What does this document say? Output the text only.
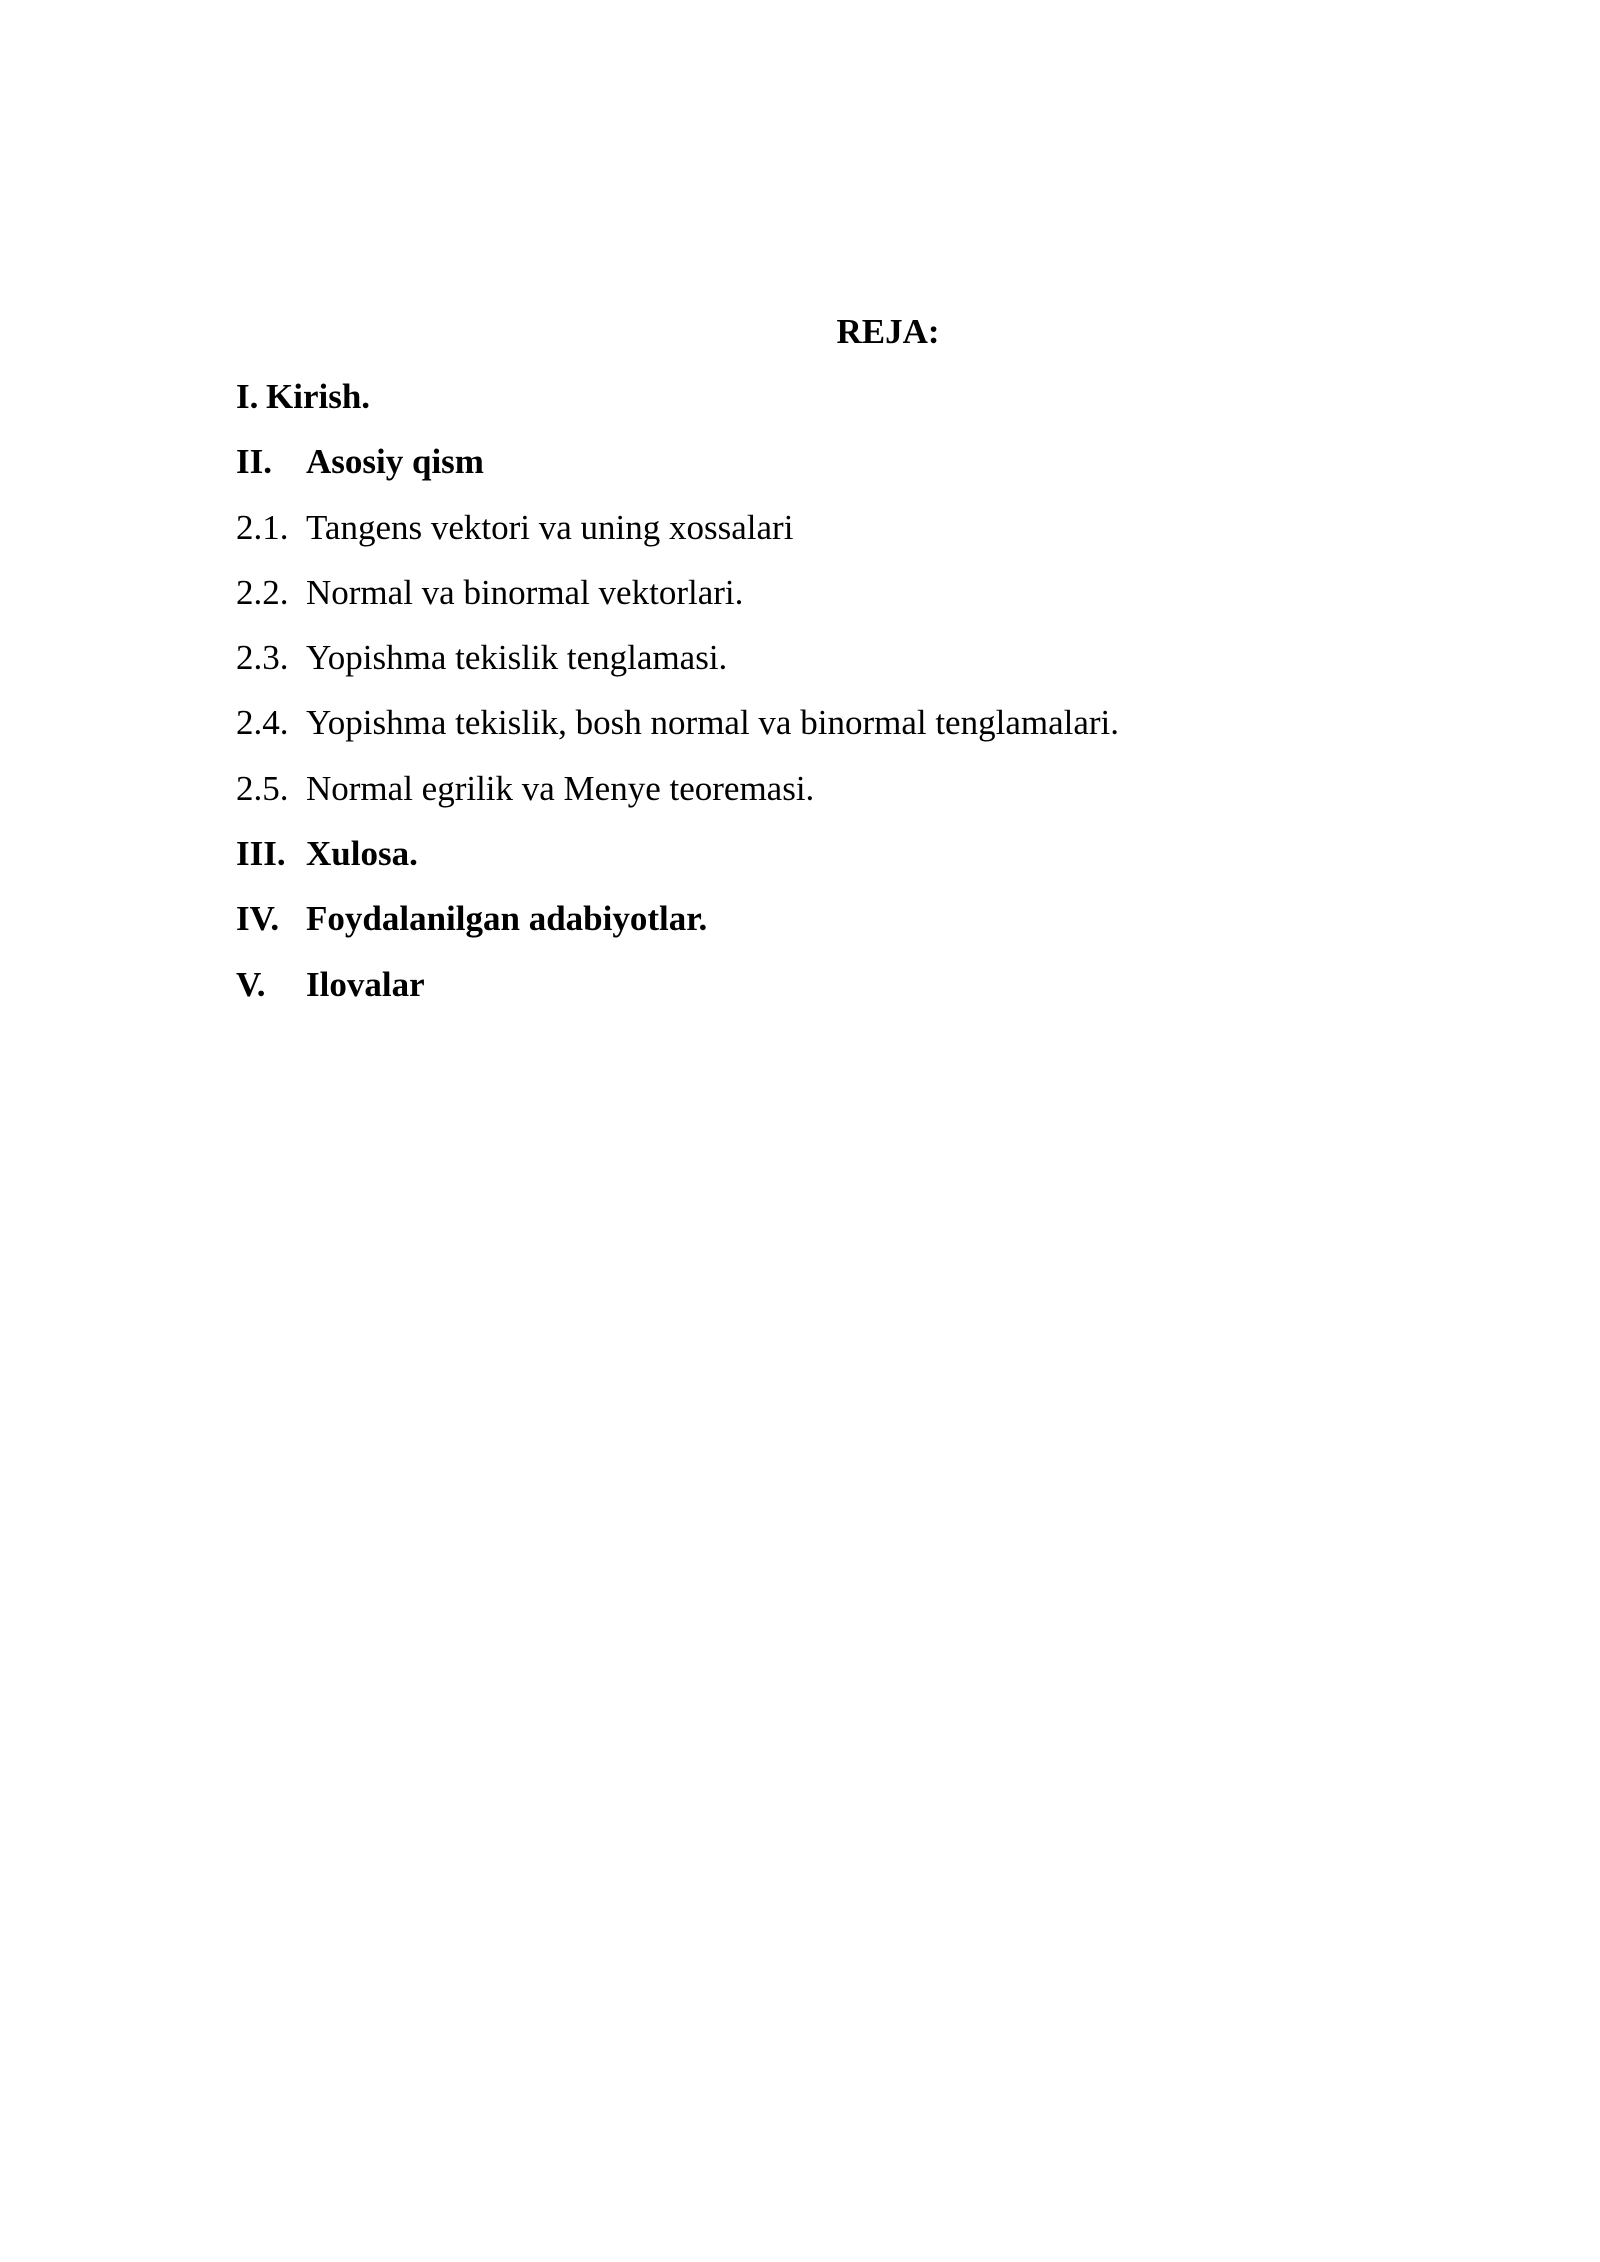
REJA:
I. Kirish.
II. Asosiy qism
2.1. Tangens vektori va uning xossalari
2.2. Normal va binormal vektorlari.
2.3. Yopishma tekislik tenglamasi.
2.4. Yopishma tekislik, bosh normal va binormal tenglamalari.
2.5. Normal egrilik va Menye teoremasi.
III. Xulosa.
IV. Foydalanilgan adabiyotlar.
V. Ilovalar
